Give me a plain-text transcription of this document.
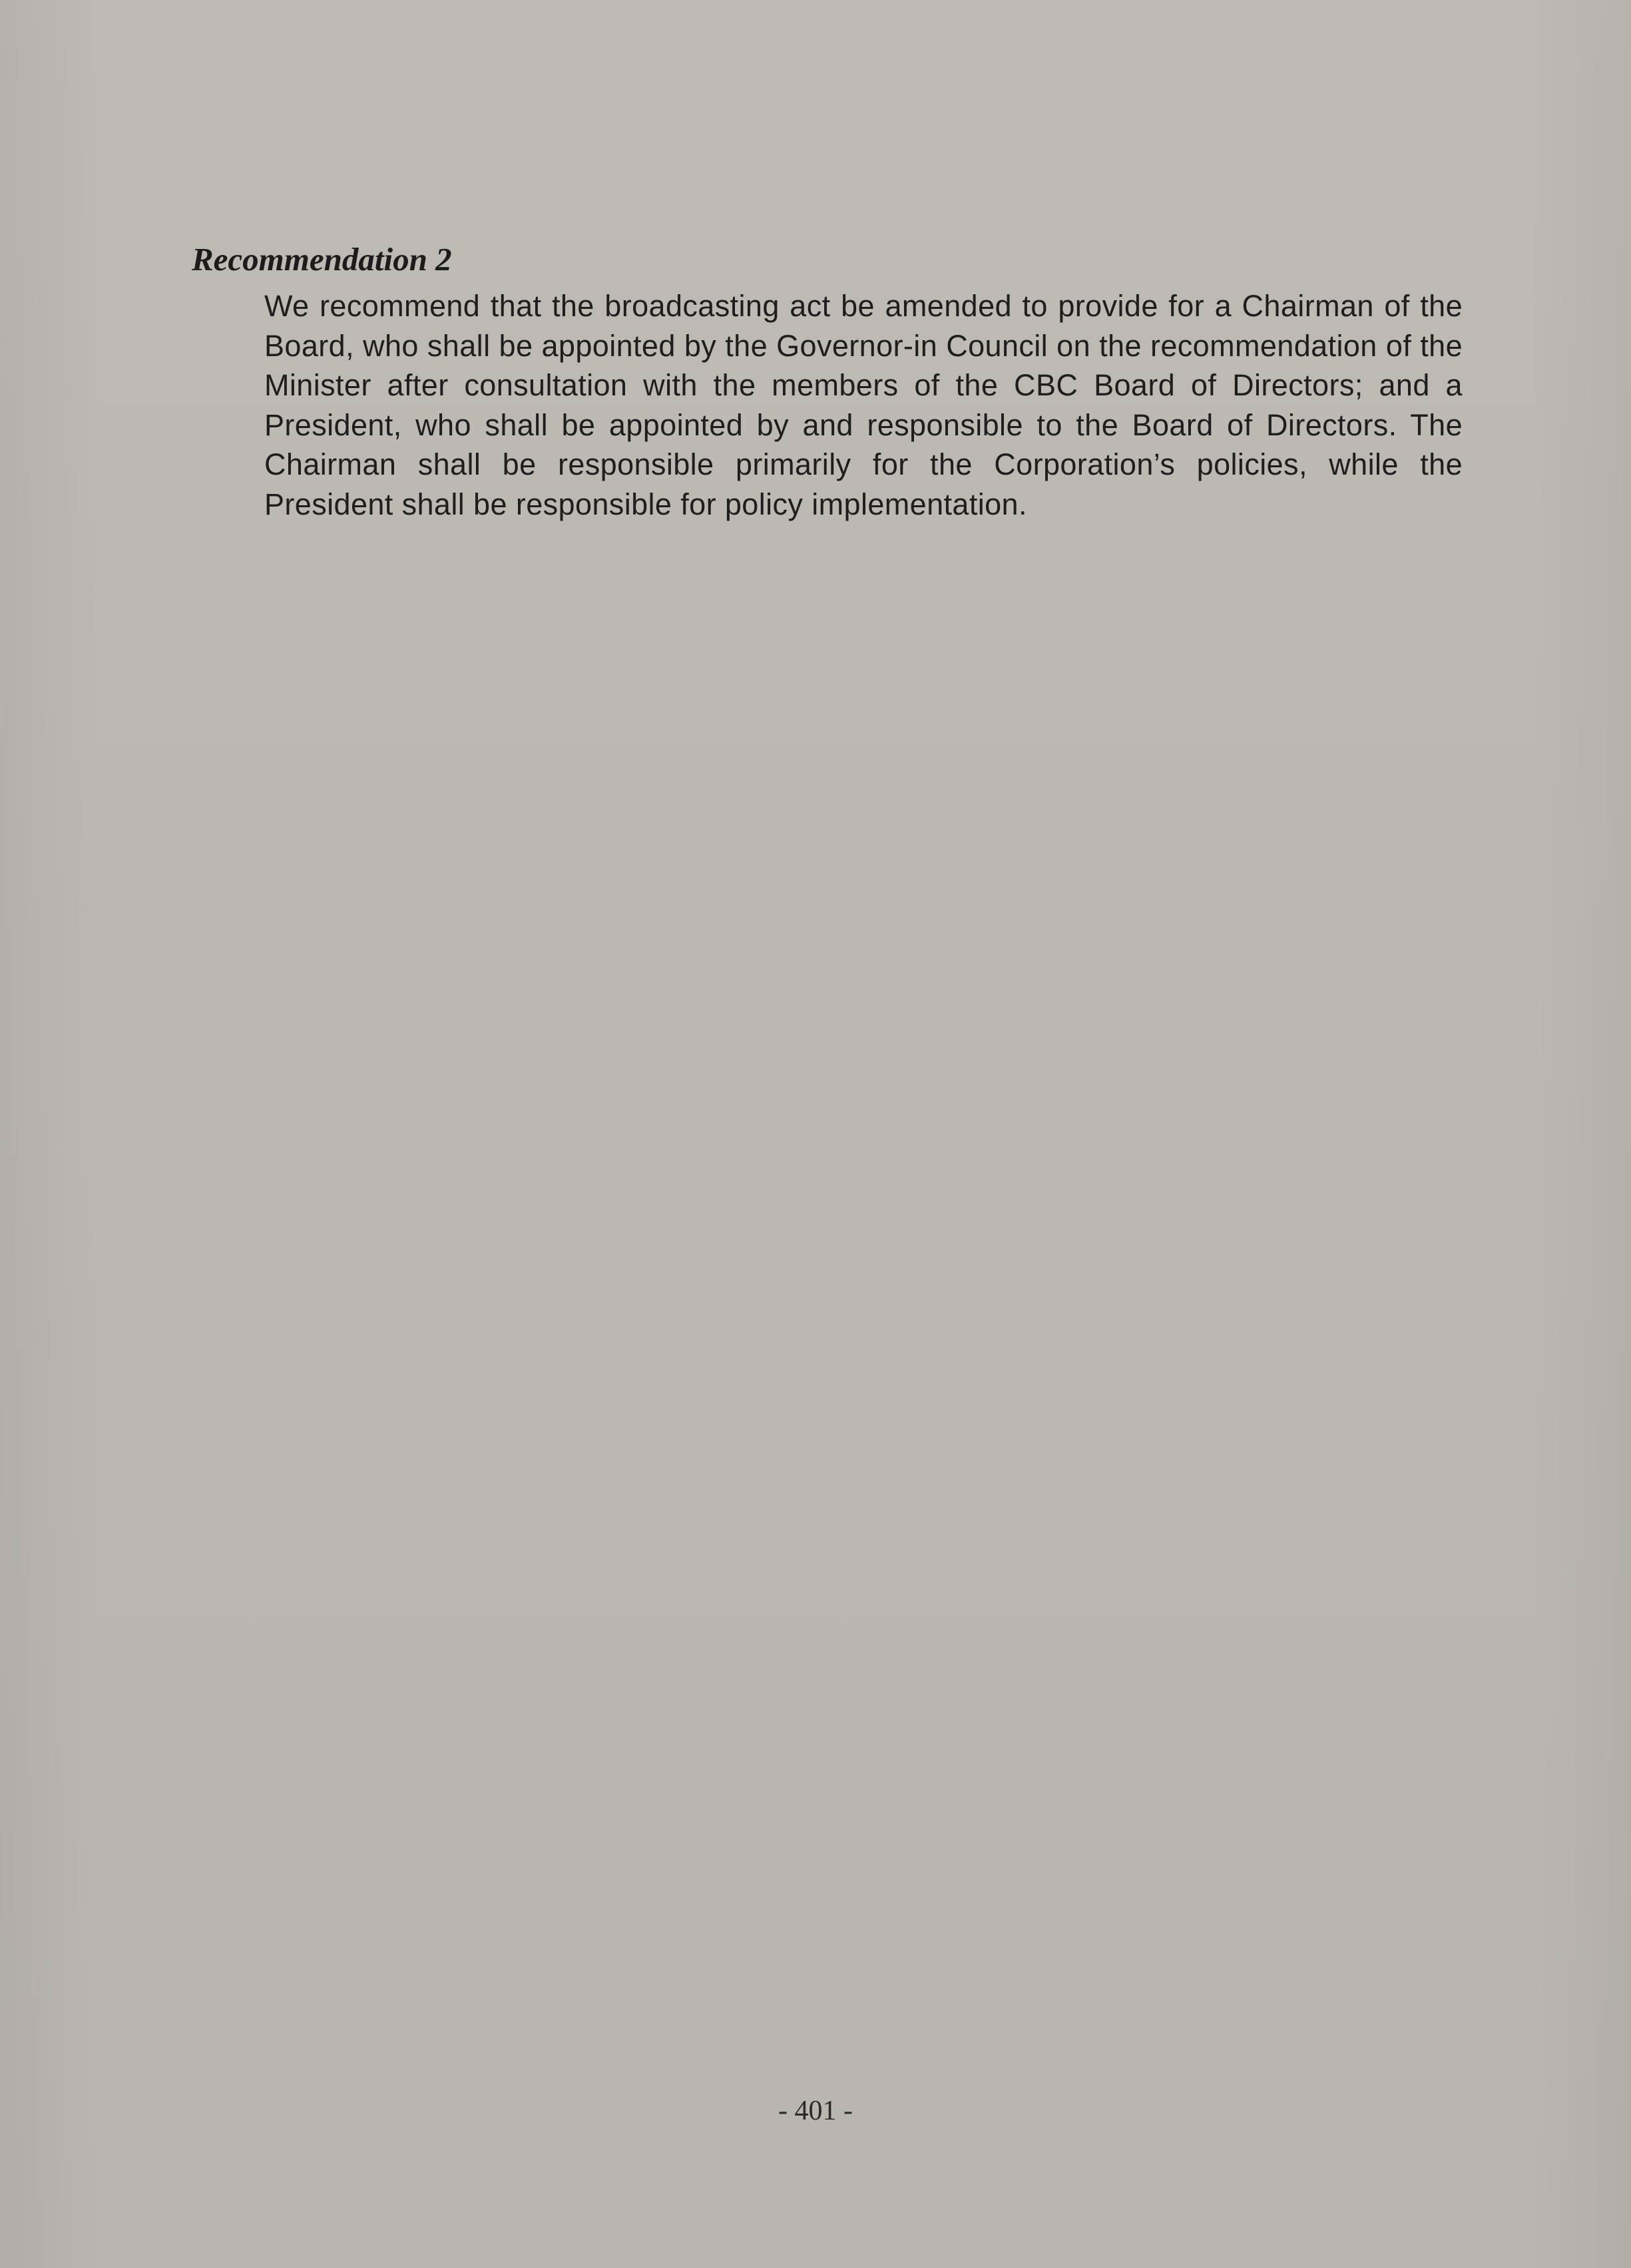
Recommendation 2

We recommend that the broadcasting act be amended to provide for a Chairman of the Board, who shall be appointed by the Governor-in Council on the recommendation of the Minister after consultation with the members of the CBC Board of Directors; and a President, who shall be appointed by and responsible to the Board of Directors. The Chairman shall be responsible primarily for the Corporation’s policies, while the President shall be responsible for policy implementation.

- 401 -
